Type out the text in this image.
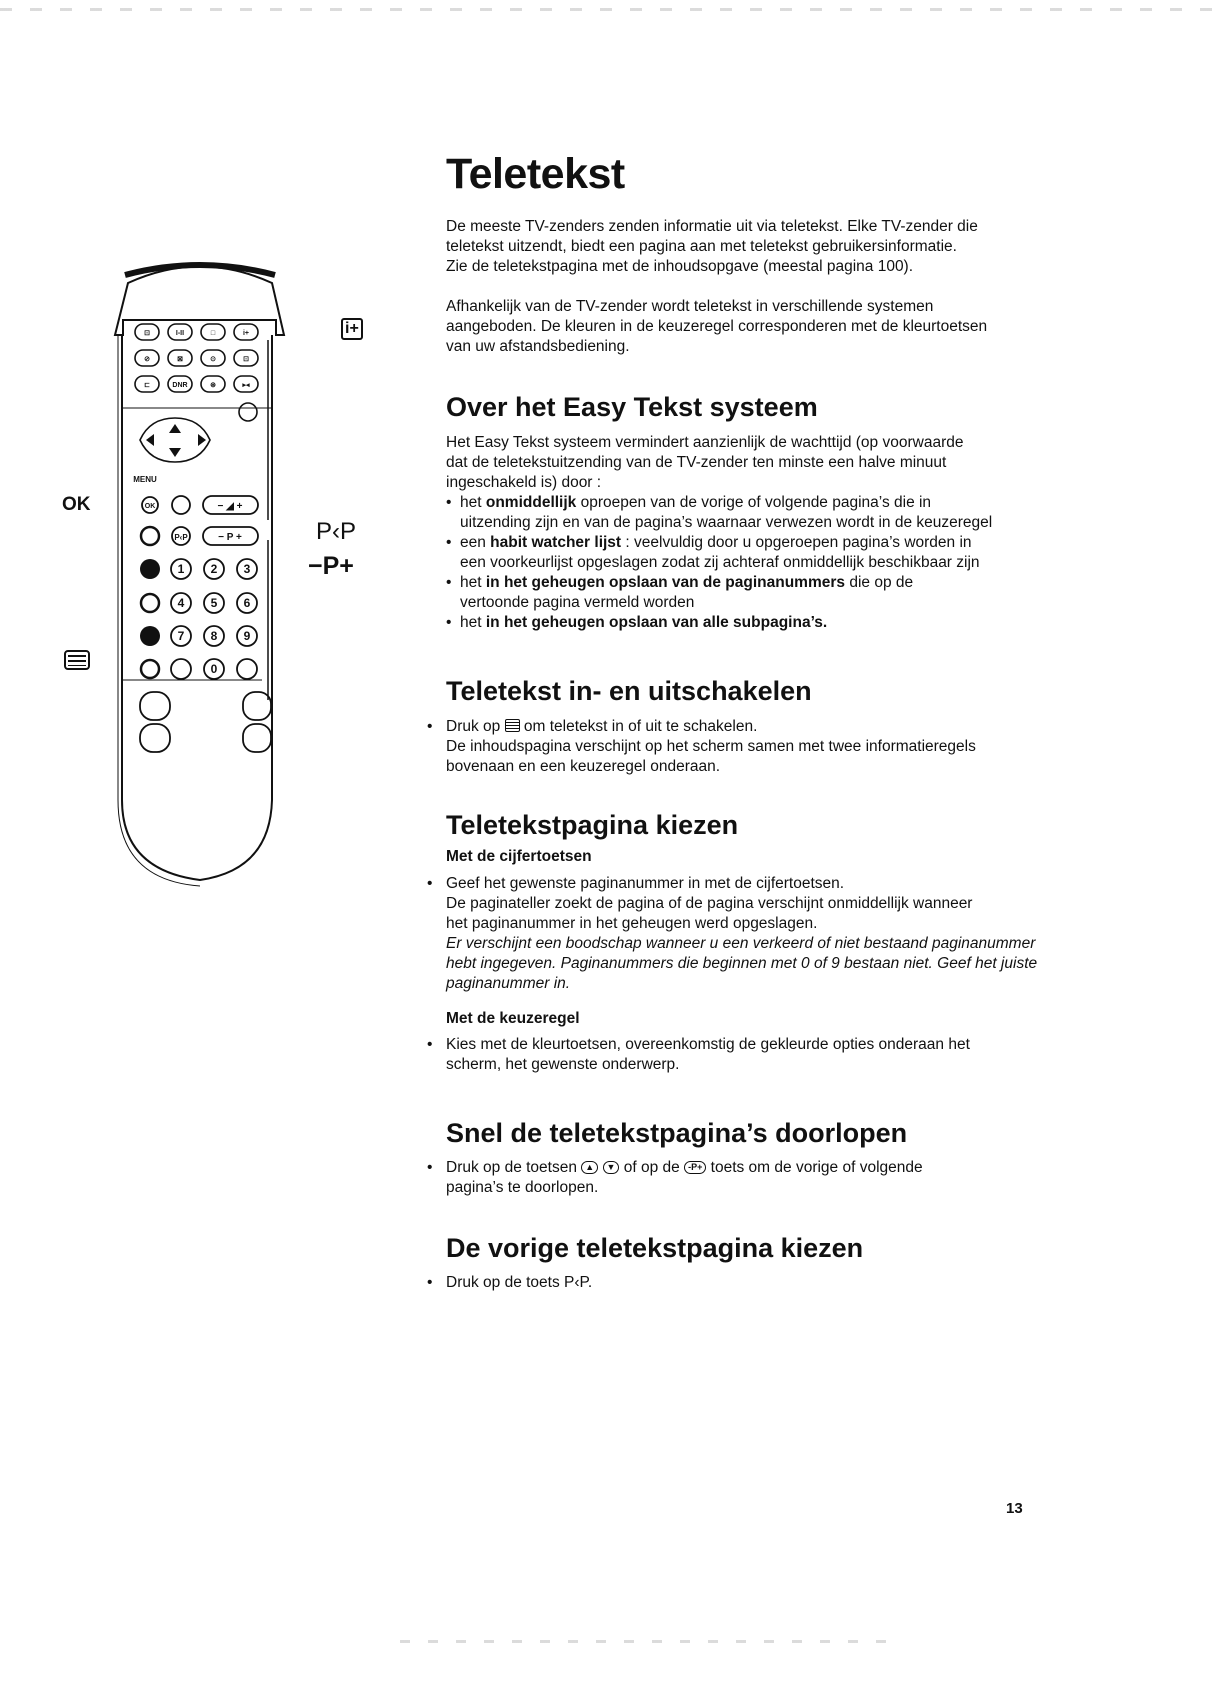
Teletekst
De meeste TV-zenders zenden informatie uit via teletekst. Elke TV-zender die
teletekst uitzendt, biedt een pagina aan met teletekst gebruikersinformatie.
Zie de teletekstpagina met de inhoudsopgave (meestal pagina 100).
Afhankelijk van de TV-zender wordt teletekst in verschillende systemen
aangeboden. De kleuren in de keuzeregel corresponderen met de kleurtoetsen
van uw afstandsbediening.
Over het Easy Tekst systeem
Het Easy Tekst systeem vermindert aanzienlijk de wachttijd (op voorwaarde
dat de teletekstuitzending van de TV-zender ten minste een halve minuut
ingeschakeld is) door :
• het onmiddellijk oproepen van de vorige of volgende pagina’s die in
uitzending zijn en van de pagina’s waarnaar verwezen wordt in de keuzeregel
• een habit watcher lijst : veelvuldig door u opgeroepen pagina’s worden in
een voorkeurlijst opgeslagen zodat zij achteraf onmiddellijk beschikbaar zijn
• het in het geheugen opslaan van de paginanummers die op de
vertoonde pagina vermeld worden
• het in het geheugen opslaan van alle subpagina’s.
Teletekst in- en uitschakelen
• Druk op  om teletekst in of uit te schakelen.
De inhoudspagina verschijnt op het scherm samen met twee informatieregels
bovenaan en een keuzeregel onderaan.
Teletekstpagina kiezen
Met de cijfertoetsen
• Geef het gewenste paginanummer in met de cijfertoetsen.
De paginateller zoekt de pagina of de pagina verschijnt onmiddellijk wanneer
het paginanummer in het geheugen werd opgeslagen.
Er verschijnt een boodschap wanneer u een verkeerd of niet bestaand paginanummer
hebt ingegeven. Paginanummers die beginnen met 0 of 9 bestaan niet. Geef het juiste
paginanummer in.
Met de keuzeregel
• Kies met de kleurtoetsen, overeenkomstig de gekleurde opties onderaan het
scherm, het gewenste onderwerp.
Snel de teletekstpagina’s doorlopen
• Druk op de toetsen ▲ ▼ of op de -P+ toets om de vorige of volgende
pagina’s te doorlopen.
De vorige teletekstpagina kiezen
• Druk op de toets P‹P.
13
OK
i+
P‹P
−P+
MENU
OK
P‹P
− ◢ +
− P +
1 2 3
4 5 6
7 8 9
0
⊡	I-II	□	i+
⊘	⊠	⊙	⊡
⊏	DNR	⊛	▸◂
